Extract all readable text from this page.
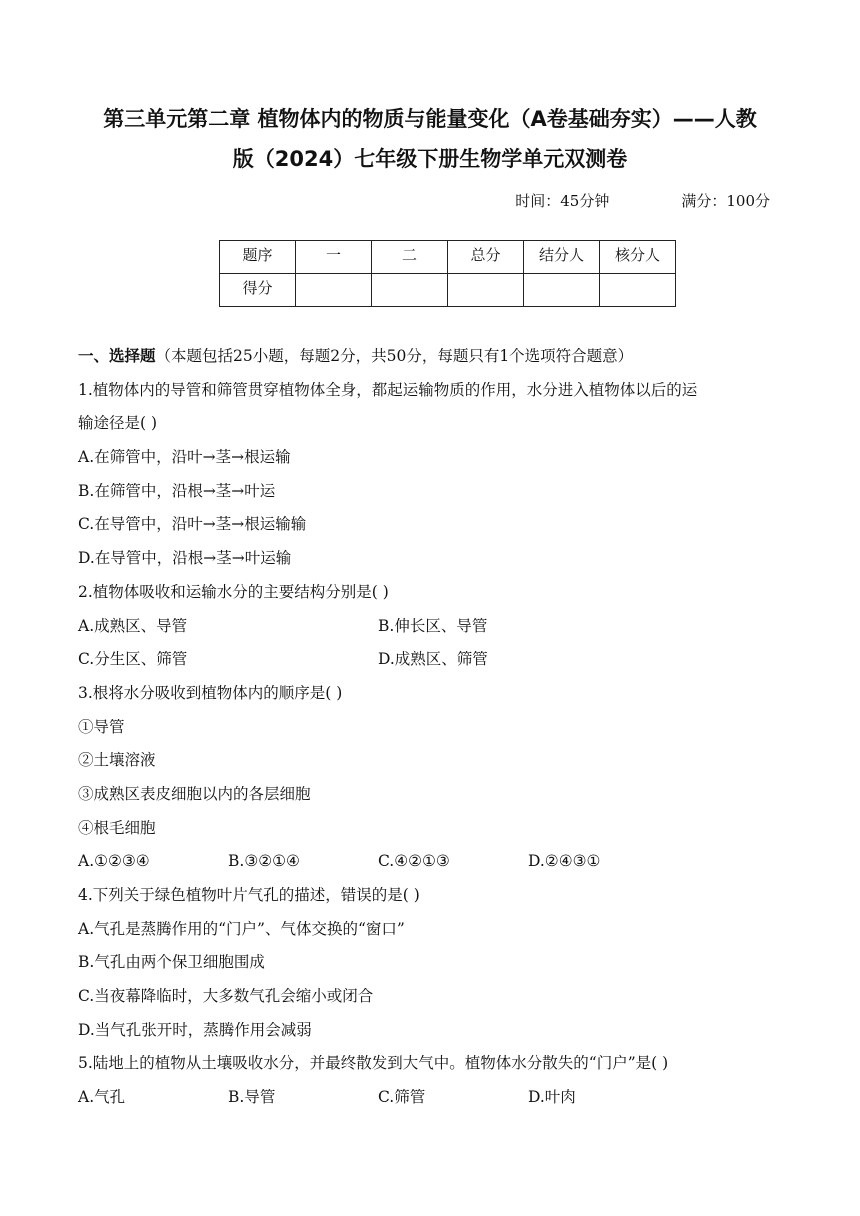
第三单元第二章 植物体内的物质与能量变化（A卷基础夯实）——人教
版（2024）七年级下册生物学单元双测卷
时间：45分钟	满分：100分
题序	一	二	总分	结分人	核分人
得分					
一、选择题（本题包括25小题，每题2分，共50分，每题只有1个选项符合题意）
1.植物体内的导管和筛管贯穿植物体全身，都起运输物质的作用，水分进入植物体以后的运
输途径是( )
A.在筛管中，沿叶→茎→根运输
B.在筛管中，沿根→茎→叶运
C.在导管中，沿叶→茎→根运输输
D.在导管中，沿根→茎→叶运输
2.植物体吸收和运输水分的主要结构分别是( )
A.成熟区、导管	B.伸长区、导管
C.分生区、筛管	D.成熟区、筛管
3.根将水分吸收到植物体内的顺序是( )
①导管
②土壤溶液
③成熟区表皮细胞以内的各层细胞
④根毛细胞
A.①②③④	B.③②①④	C.④②①③	D.②④③①
4.下列关于绿色植物叶片气孔的描述，错误的是( )
A.气孔是蒸腾作用的“门户”、气体交换的“窗口”
B.气孔由两个保卫细胞围成
C.当夜幕降临时，大多数气孔会缩小或闭合
D.当气孔张开时，蒸腾作用会减弱
5.陆地上的植物从土壤吸收水分，并最终散发到大气中。植物体水分散失的“门户”是( )
A.气孔	B.导管	C.筛管	D.叶肉
